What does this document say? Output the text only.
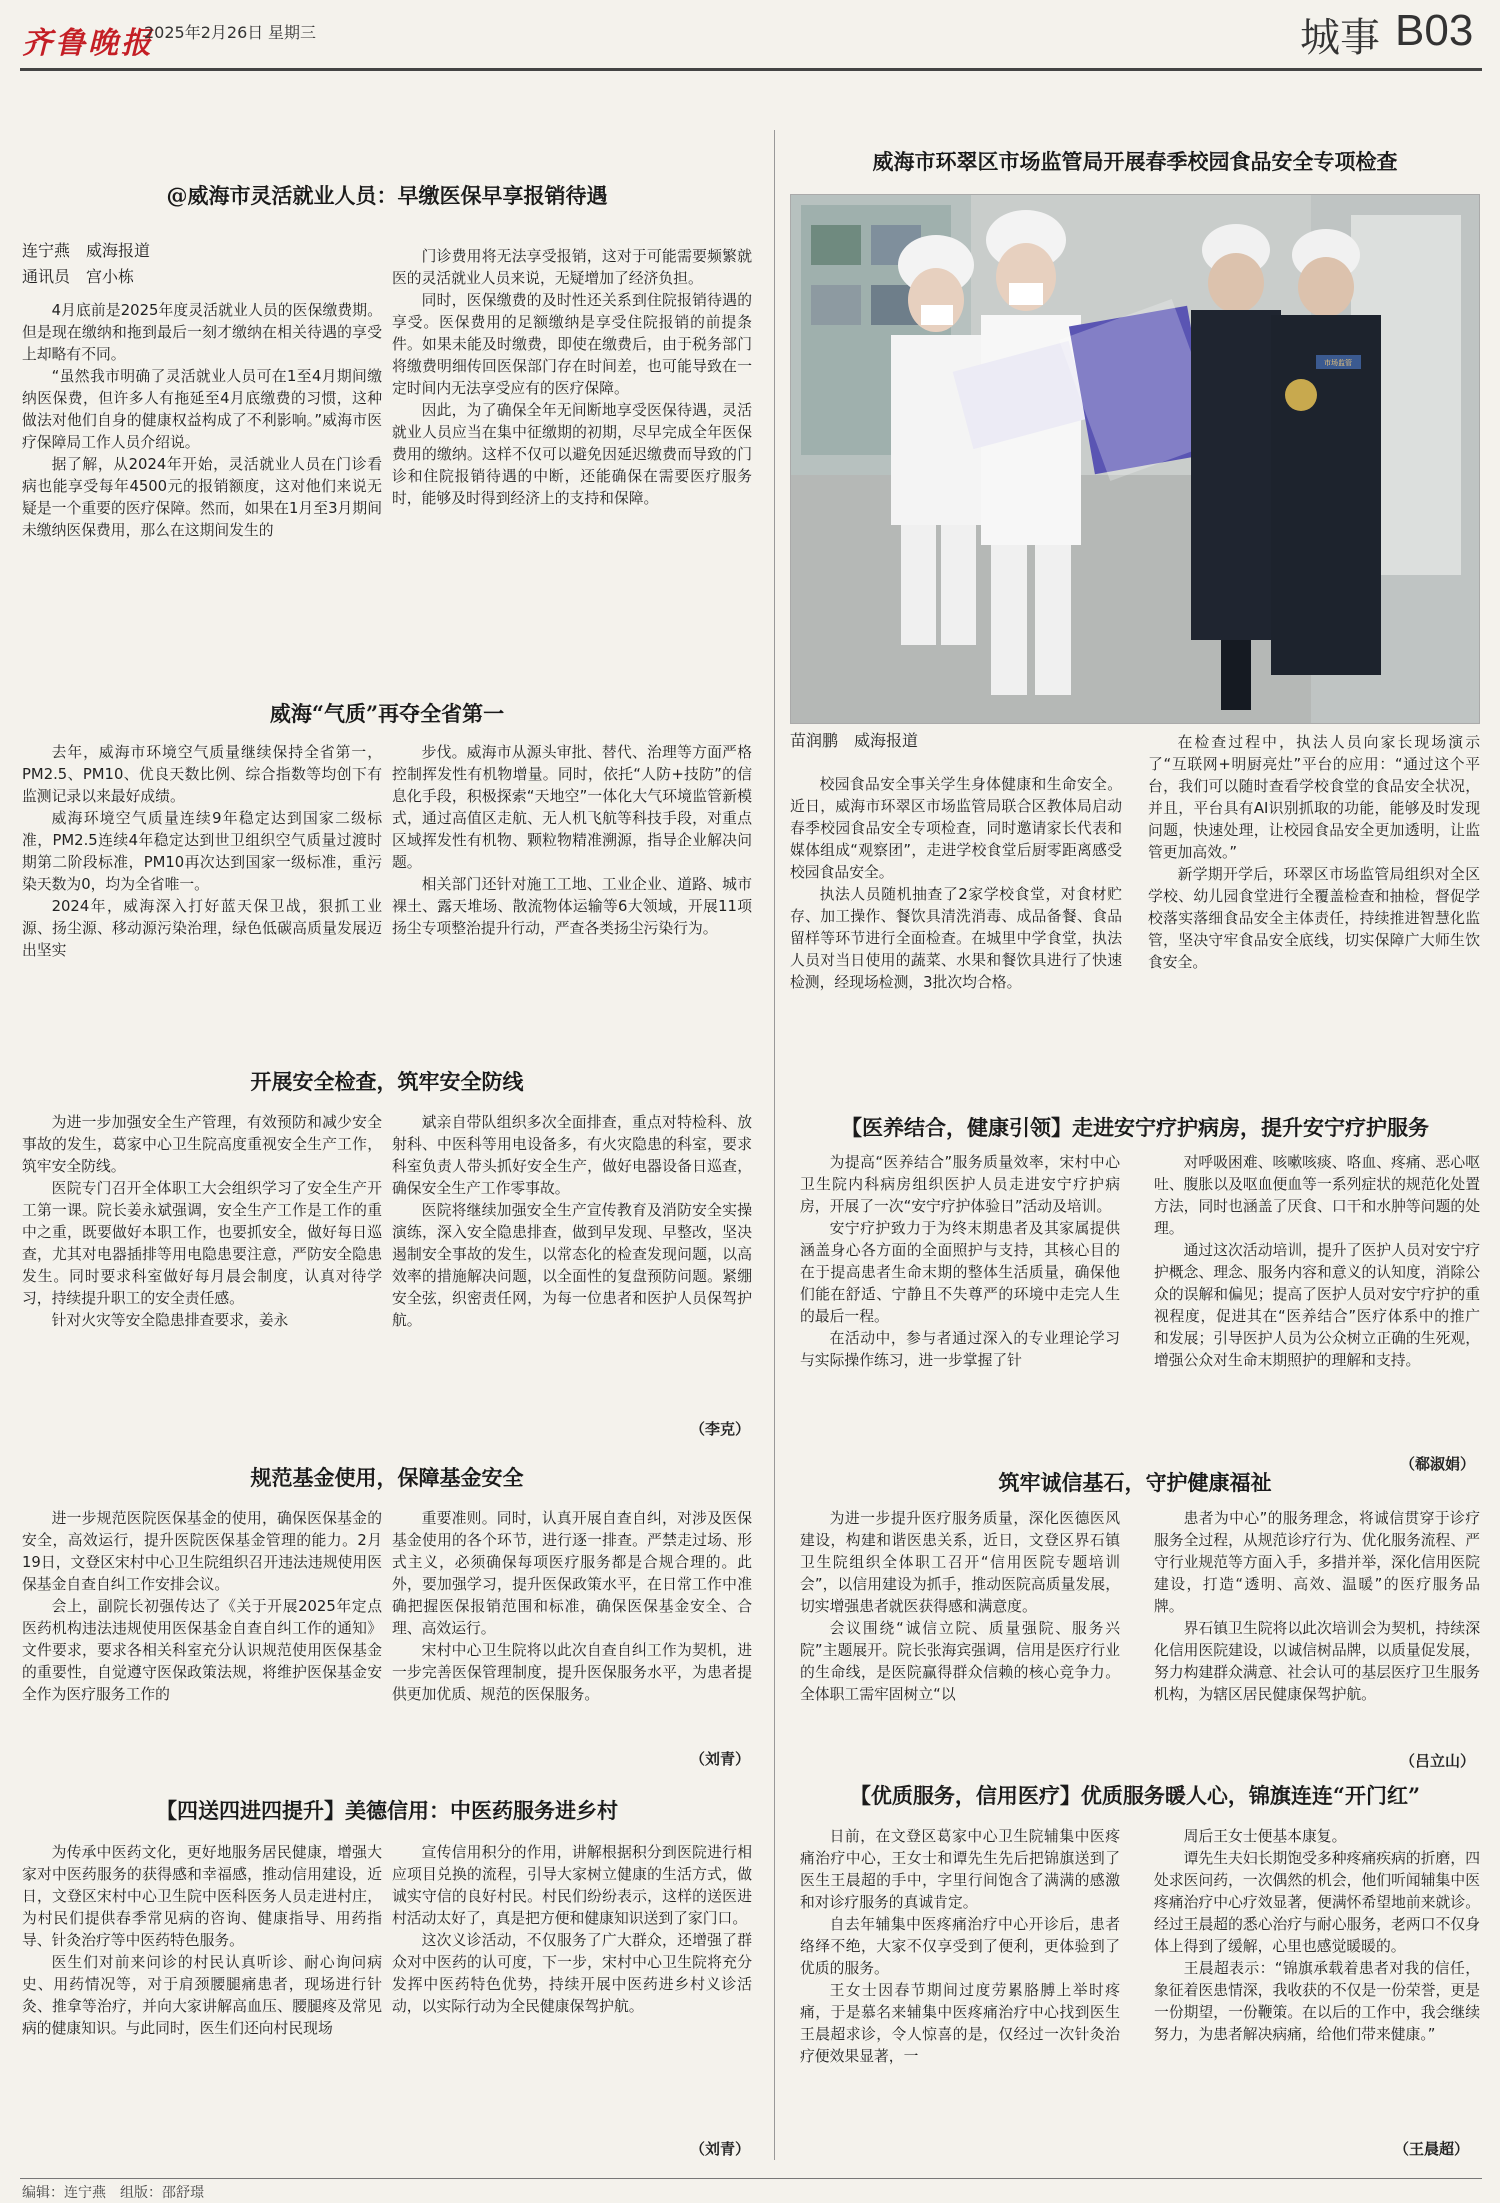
齐鲁晚报
2025年2月26日 星期三	城事 B03
@威海市灵活就业人员：早缴医保早享报销待遇
连宁燕　威海报道
通讯员　宫小栋

4月底前是2025年度灵活就业人员的医保缴费期。但是现在缴纳和拖到最后一刻才缴纳在相关待遇的享受上却略有不同。

“虽然我市明确了灵活就业人员可在1至4月期间缴纳医保费，但许多人有拖延至4月底缴费的习惯，这种做法对他们自身的健康权益构成了不利影响。”威海市医疗保障局工作人员介绍说。

据了解，从2024年开始，灵活就业人员在门诊看病也能享受每年4500元的报销额度，这对他们来说无疑是一个重要的医疗保障。然而，如果在1月至3月期间未缴纳医保费用，那么在这期间发生的

门诊费用将无法享受报销，这对于可能需要频繁就医的灵活就业人员来说，无疑增加了经济负担。

同时，医保缴费的及时性还关系到住院报销待遇的享受。医保费用的足额缴纳是享受住院报销的前提条件。如果未能及时缴费，即使在缴费后，由于税务部门将缴费明细传回医保部门存在时间差，也可能导致在一定时间内无法享受应有的医疗保障。

因此，为了确保全年无间断地享受医保待遇，灵活就业人员应当在集中征缴期的初期，尽早完成全年医保费用的缴纳。这样不仅可以避免因延迟缴费而导致的门诊和住院报销待遇的中断，还能确保在需要医疗服务时，能够及时得到经济上的支持和保障。

威海“气质”再夺全省第一

去年，威海市环境空气质量继续保持全省第一，PM2.5、PM10、优良天数比例、综合指数等均创下有监测记录以来最好成绩。

威海环境空气质量连续9年稳定达到国家二级标准，PM2.5连续4年稳定达到世卫组织空气质量过渡时期第二阶段标准，PM10再次达到国家一级标准，重污染天数为0，均为全省唯一。

2024年，威海深入打好蓝天保卫战，狠抓工业源、扬尘源、移动源污染治理，绿色低碳高质量发展迈出坚实

步伐。威海市从源头审批、替代、治理等方面严格控制挥发性有机物增量。同时，依托“人防+技防”的信息化手段，积极探索“天地空”一体化大气环境监管新模式，通过高值区走航、无人机飞航等科技手段，对重点区域挥发性有机物、颗粒物精准溯源，指导企业解决问题。

相关部门还针对施工工地、工业企业、道路、城市裸土、露天堆场、散流物体运输等6大领域，开展11项扬尘专项整治提升行动，严查各类扬尘污染行为。

开展安全检查，筑牢安全防线

为进一步加强安全生产管理，有效预防和减少安全事故的发生，葛家中心卫生院高度重视安全生产工作，筑牢安全防线。

医院专门召开全体职工大会组织学习了安全生产开工第一课。院长姜永斌强调，安全生产工作是工作的重中之重，既要做好本职工作，也要抓安全，做好每日巡查，尤其对电器插排等用电隐患要注意，严防安全隐患发生。同时要求科室做好每月晨会制度，认真对待学习，持续提升职工的安全责任感。

针对火灾等安全隐患排查要求，姜永

斌亲自带队组织多次全面排查，重点对特检科、放射科、中医科等用电设备多，有火灾隐患的科室，要求科室负责人带头抓好安全生产，做好电器设备日巡查，确保安全生产工作零事故。

医院将继续加强安全生产宣传教育及消防安全实操演练，深入安全隐患排查，做到早发现、早整改，坚决遏制安全事故的发生，以常态化的检查发现问题，以高效率的措施解决问题，以全面性的复盘预防问题。紧绷安全弦，织密责任网，为每一位患者和医护人员保驾护航。

（李克）
规范基金使用，保障基金安全

进一步规范医院医保基金的使用，确保医保基金的安全，高效运行，提升医院医保基金管理的能力。2月19日，文登区宋村中心卫生院组织召开违法违规使用医保基金自查自纠工作安排会议。

会上，副院长初强传达了《关于开展2025年定点医药机构违法违规使用医保基金自查自纠工作的通知》文件要求，要求各相关科室充分认识规范使用医保基金的重要性，自觉遵守医保政策法规，将维护医保基金安全作为医疗服务工作的

重要准则。同时，认真开展自查自纠，对涉及医保基金使用的各个环节，进行逐一排查。严禁走过场、形式主义，必须确保每项医疗服务都是合规合理的。此外，要加强学习，提升医保政策水平，在日常工作中准确把握医保报销范围和标准，确保医保基金安全、合理、高效运行。

宋村中心卫生院将以此次自查自纠工作为契机，进一步完善医保管理制度，提升医保服务水平，为患者提供更加优质、规范的医保服务。

（刘青）
【四送四进四提升】美德信用：中医药服务进乡村

为传承中医药文化，更好地服务居民健康，增强大家对中医药服务的获得感和幸福感，推动信用建设，近日，文登区宋村中心卫生院中医科医务人员走进村庄，为村民们提供春季常见病的咨询、健康指导、用药指导、针灸治疗等中医药特色服务。

医生们对前来问诊的村民认真听诊、耐心询问病史、用药情况等，对于肩颈腰腿痛患者，现场进行针灸、推拿等治疗，并向大家讲解高血压、腰腿疼及常见病的健康知识。与此同时，医生们还向村民现场

宣传信用积分的作用，讲解根据积分到医院进行相应项目兑换的流程，引导大家树立健康的生活方式，做诚实守信的良好村民。村民们纷纷表示，这样的送医进村活动太好了，真是把方便和健康知识送到了家门口。

这次义诊活动，不仅服务了广大群众，还增强了群众对中医药的认可度，下一步，宋村中心卫生院将充分发挥中医药特色优势，持续开展中医药进乡村义诊活动，以实际行动为全民健康保驾护航。

（刘青）
威海市环翠区市场监管局开展春季校园食品安全专项检查
市场监管
苗润鹏　威海报道

校园食品安全事关学生身体健康和生命安全。近日，威海市环翠区市场监管局联合区教体局启动春季校园食品安全专项检查，同时邀请家长代表和媒体组成“观察团”，走进学校食堂后厨零距离感受校园食品安全。

执法人员随机抽查了2家学校食堂，对食材贮存、加工操作、餐饮具清洗消毒、成品备餐、食品留样等环节进行全面检查。在城里中学食堂，执法人员对当日使用的蔬菜、水果和餐饮具进行了快速检测，经现场检测，3批次均合格。

在检查过程中，执法人员向家长现场演示了“互联网+明厨亮灶”平台的应用：“通过这个平台，我们可以随时查看学校食堂的食品安全状况，并且，平台具有AI识别抓取的功能，能够及时发现问题，快速处理，让校园食品安全更加透明，让监管更加高效。”

新学期开学后，环翠区市场监管局组织对全区学校、幼儿园食堂进行全覆盖检查和抽检，督促学校落实落细食品安全主体责任，持续推进智慧化监管，坚决守牢食品安全底线，切实保障广大师生饮食安全。

【医养结合，健康引领】走进安宁疗护病房，提升安宁疗护服务

为提高“医养结合”服务质量效率，宋村中心卫生院内科病房组织医护人员走进安宁疗护病房，开展了一次“安宁疗护体验日”活动及培训。

安宁疗护致力于为终末期患者及其家属提供涵盖身心各方面的全面照护与支持，其核心目的在于提高患者生命末期的整体生活质量，确保他们能在舒适、宁静且不失尊严的环境中走完人生的最后一程。

在活动中，参与者通过深入的专业理论学习与实际操作练习，进一步掌握了针

对呼吸困难、咳嗽咳痰、咯血、疼痛、恶心呕吐、腹胀以及呕血便血等一系列症状的规范化处置方法，同时也涵盖了厌食、口干和水肿等问题的处理。

通过这次活动培训，提升了医护人员对安宁疗护概念、理念、服务内容和意义的认知度，消除公众的误解和偏见；提高了医护人员对安宁疗护的重视程度，促进其在“医养结合”医疗体系中的推广和发展；引导医护人员为公众树立正确的生死观，增强公众对生命末期照护的理解和支持。

（郗淑娟）
筑牢诚信基石，守护健康福祉

为进一步提升医疗服务质量，深化医德医风建设，构建和谐医患关系，近日，文登区界石镇卫生院组织全体职工召开“信用医院专题培训会”，以信用建设为抓手，推动医院高质量发展，切实增强患者就医获得感和满意度。

会议围绕“诚信立院、质量强院、服务兴院”主题展开。院长张海宾强调，信用是医疗行业的生命线，是医院赢得群众信赖的核心竞争力。全体职工需牢固树立“以

患者为中心”的服务理念，将诚信贯穿于诊疗服务全过程，从规范诊疗行为、优化服务流程、严守行业规范等方面入手，多措并举，深化信用医院建设，打造“透明、高效、温暖”的医疗服务品牌。

界石镇卫生院将以此次培训会为契机，持续深化信用医院建设，以诚信树品牌，以质量促发展，努力构建群众满意、社会认可的基层医疗卫生服务机构，为辖区居民健康保驾护航。

（吕立山）
【优质服务，信用医疗】优质服务暖人心，锦旗连连“开门红”

日前，在文登区葛家中心卫生院辅集中医疼痛治疗中心，王女士和谭先生先后把锦旗送到了医生王晨超的手中，字里行间饱含了满满的感激和对诊疗服务的真诚肯定。

自去年辅集中医疼痛治疗中心开诊后，患者络绎不绝，大家不仅享受到了便利，更体验到了优质的服务。

王女士因春节期间过度劳累胳膊上举时疼痛，于是慕名来辅集中医疼痛治疗中心找到医生王晨超求诊，令人惊喜的是，仅经过一次针灸治疗便效果显著，一

周后王女士便基本康复。

谭先生夫妇长期饱受多种疼痛疾病的折磨，四处求医问药，一次偶然的机会，他们听闻辅集中医疼痛治疗中心疗效显著，便满怀希望地前来就诊。经过王晨超的悉心治疗与耐心服务，老两口不仅身体上得到了缓解，心里也感觉暖暖的。

王晨超表示：“锦旗承载着患者对我的信任，象征着医患情深，我收获的不仅是一份荣誉，更是一份期望，一份鞭策。在以后的工作中，我会继续努力，为患者解决病痛，给他们带来健康。”

（王晨超）
编辑：连宁燕　组版：邵舒璟
